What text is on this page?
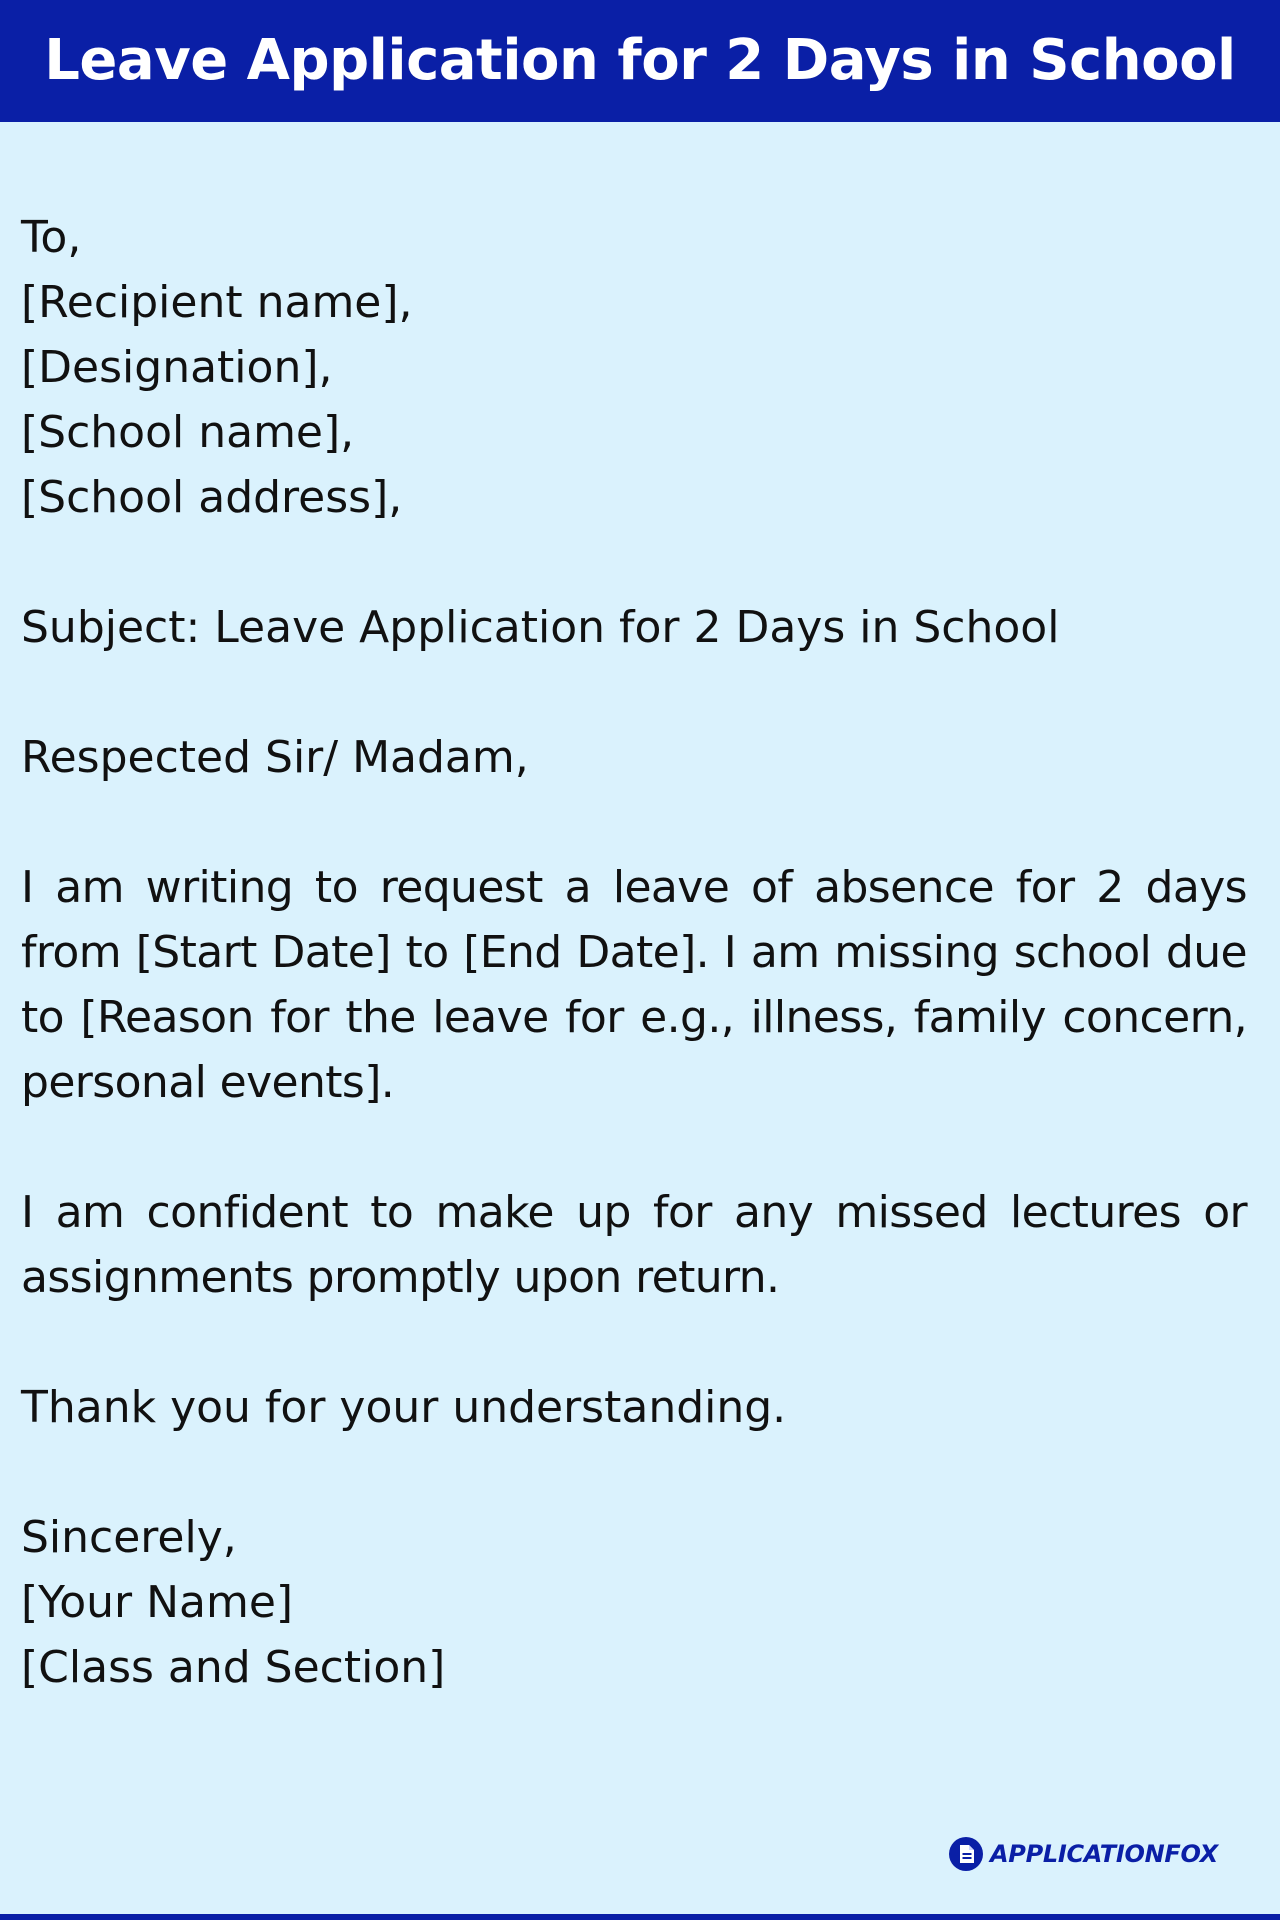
Leave Application for 2 Days in School
To,
[Recipient name],
[Designation],
[School name],
[School address],
Subject: Leave Application for 2 Days in School
Respected Sir/ Madam,

I am writing to request a leave of absence for 2 days from [Start Date] to [End Date]. I am missing school due to [Reason for the leave for e.g., illness, family concern, personal events].

I am confident to make up for any missed lectures or assignments promptly upon return.

Thank you for your understanding.
Sincerely,
[Your Name]
[Class and Section]
APPLICATIONFOX
